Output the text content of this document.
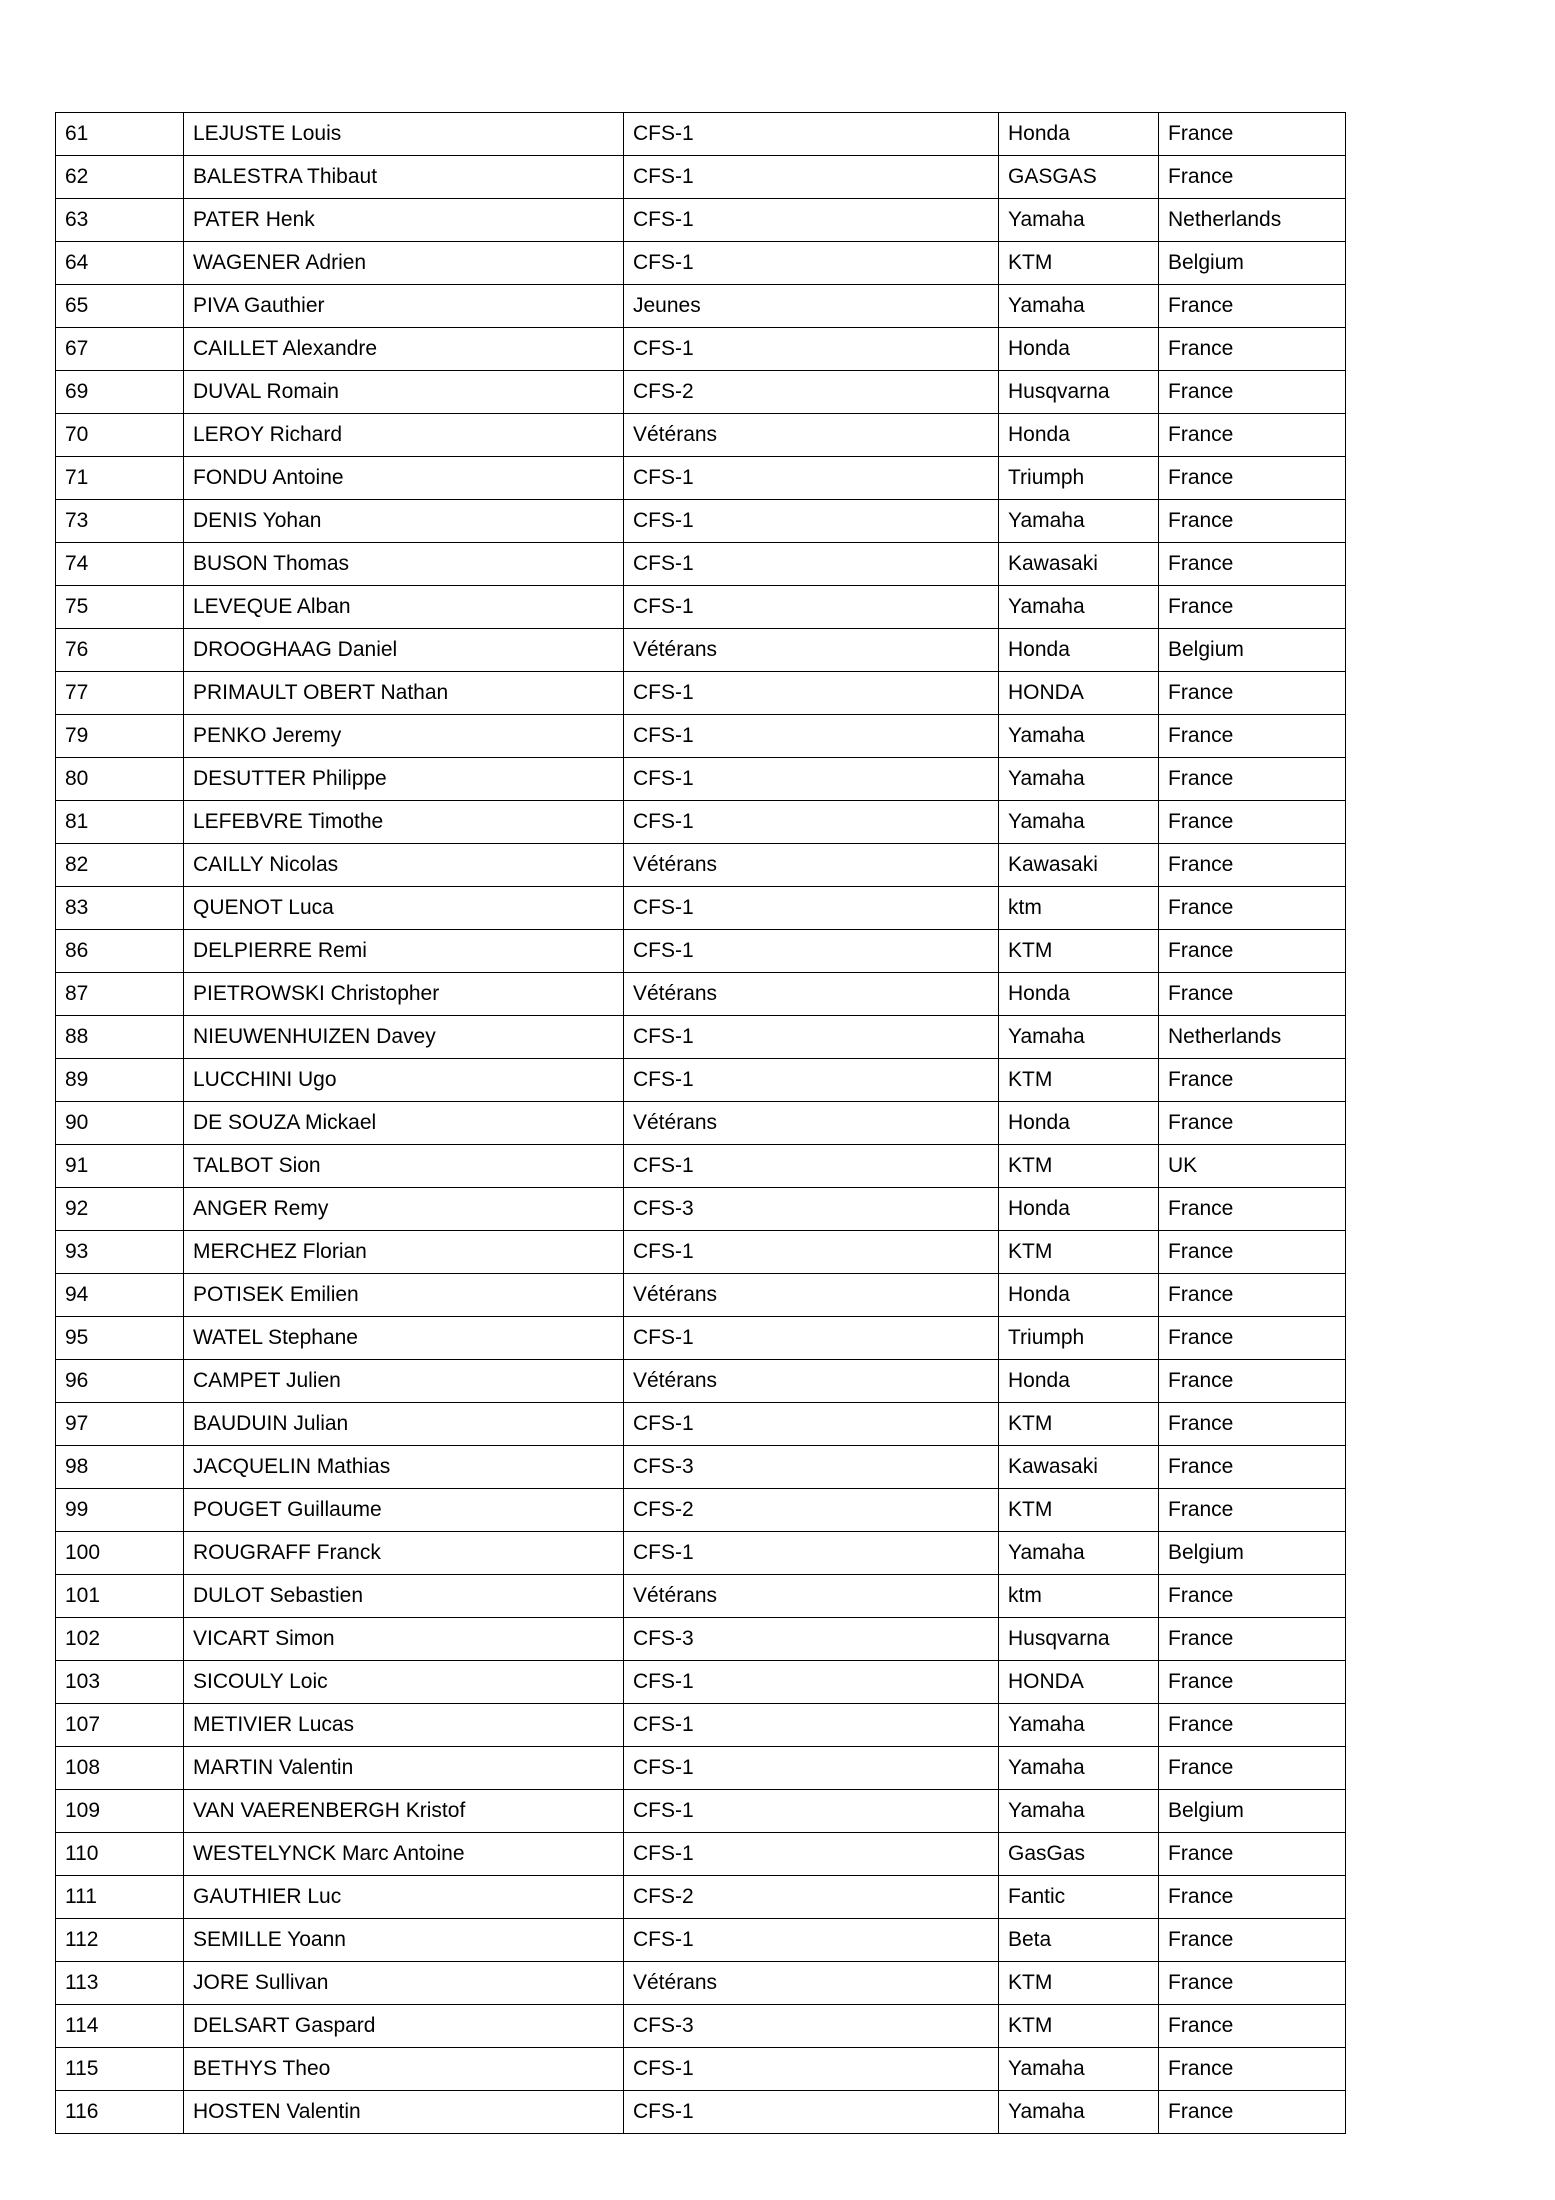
61	LEJUSTE Louis	CFS-1	Honda	France
62	BALESTRA Thibaut	CFS-1	GASGAS	France
63	PATER Henk	CFS-1	Yamaha	Netherlands
64	WAGENER Adrien	CFS-1	KTM	Belgium
65	PIVA Gauthier	Jeunes	Yamaha	France
67	CAILLET Alexandre	CFS-1	Honda	France
69	DUVAL Romain	CFS-2	Husqvarna	France
70	LEROY Richard	Vétérans	Honda	France
71	FONDU Antoine	CFS-1	Triumph	France
73	DENIS Yohan	CFS-1	Yamaha	France
74	BUSON Thomas	CFS-1	Kawasaki	France
75	LEVEQUE Alban	CFS-1	Yamaha	France
76	DROOGHAAG Daniel	Vétérans	Honda	Belgium
77	PRIMAULT OBERT Nathan	CFS-1	HONDA	France
79	PENKO Jeremy	CFS-1	Yamaha	France
80	DESUTTER Philippe	CFS-1	Yamaha	France
81	LEFEBVRE Timothe	CFS-1	Yamaha	France
82	CAILLY Nicolas	Vétérans	Kawasaki	France
83	QUENOT Luca	CFS-1	ktm	France
86	DELPIERRE Remi	CFS-1	KTM	France
87	PIETROWSKI Christopher	Vétérans	Honda	France
88	NIEUWENHUIZEN Davey	CFS-1	Yamaha	Netherlands
89	LUCCHINI Ugo	CFS-1	KTM	France
90	DE SOUZA Mickael	Vétérans	Honda	France
91	TALBOT Sion	CFS-1	KTM	UK
92	ANGER Remy	CFS-3	Honda	France
93	MERCHEZ Florian	CFS-1	KTM	France
94	POTISEK Emilien	Vétérans	Honda	France
95	WATEL Stephane	CFS-1	Triumph	France
96	CAMPET Julien	Vétérans	Honda	France
97	BAUDUIN Julian	CFS-1	KTM	France
98	JACQUELIN Mathias	CFS-3	Kawasaki	France
99	POUGET Guillaume	CFS-2	KTM	France
100	ROUGRAFF Franck	CFS-1	Yamaha	Belgium
101	DULOT Sebastien	Vétérans	ktm	France
102	VICART Simon	CFS-3	Husqvarna	France
103	SICOULY Loic	CFS-1	HONDA	France
107	METIVIER Lucas	CFS-1	Yamaha	France
108	MARTIN Valentin	CFS-1	Yamaha	France
109	VAN VAERENBERGH Kristof	CFS-1	Yamaha	Belgium
110	WESTELYNCK Marc Antoine	CFS-1	GasGas	France
111	GAUTHIER Luc	CFS-2	Fantic	France
112	SEMILLE Yoann	CFS-1	Beta	France
113	JORE Sullivan	Vétérans	KTM	France
114	DELSART Gaspard	CFS-3	KTM	France
115	BETHYS Theo	CFS-1	Yamaha	France
116	HOSTEN Valentin	CFS-1	Yamaha	France
